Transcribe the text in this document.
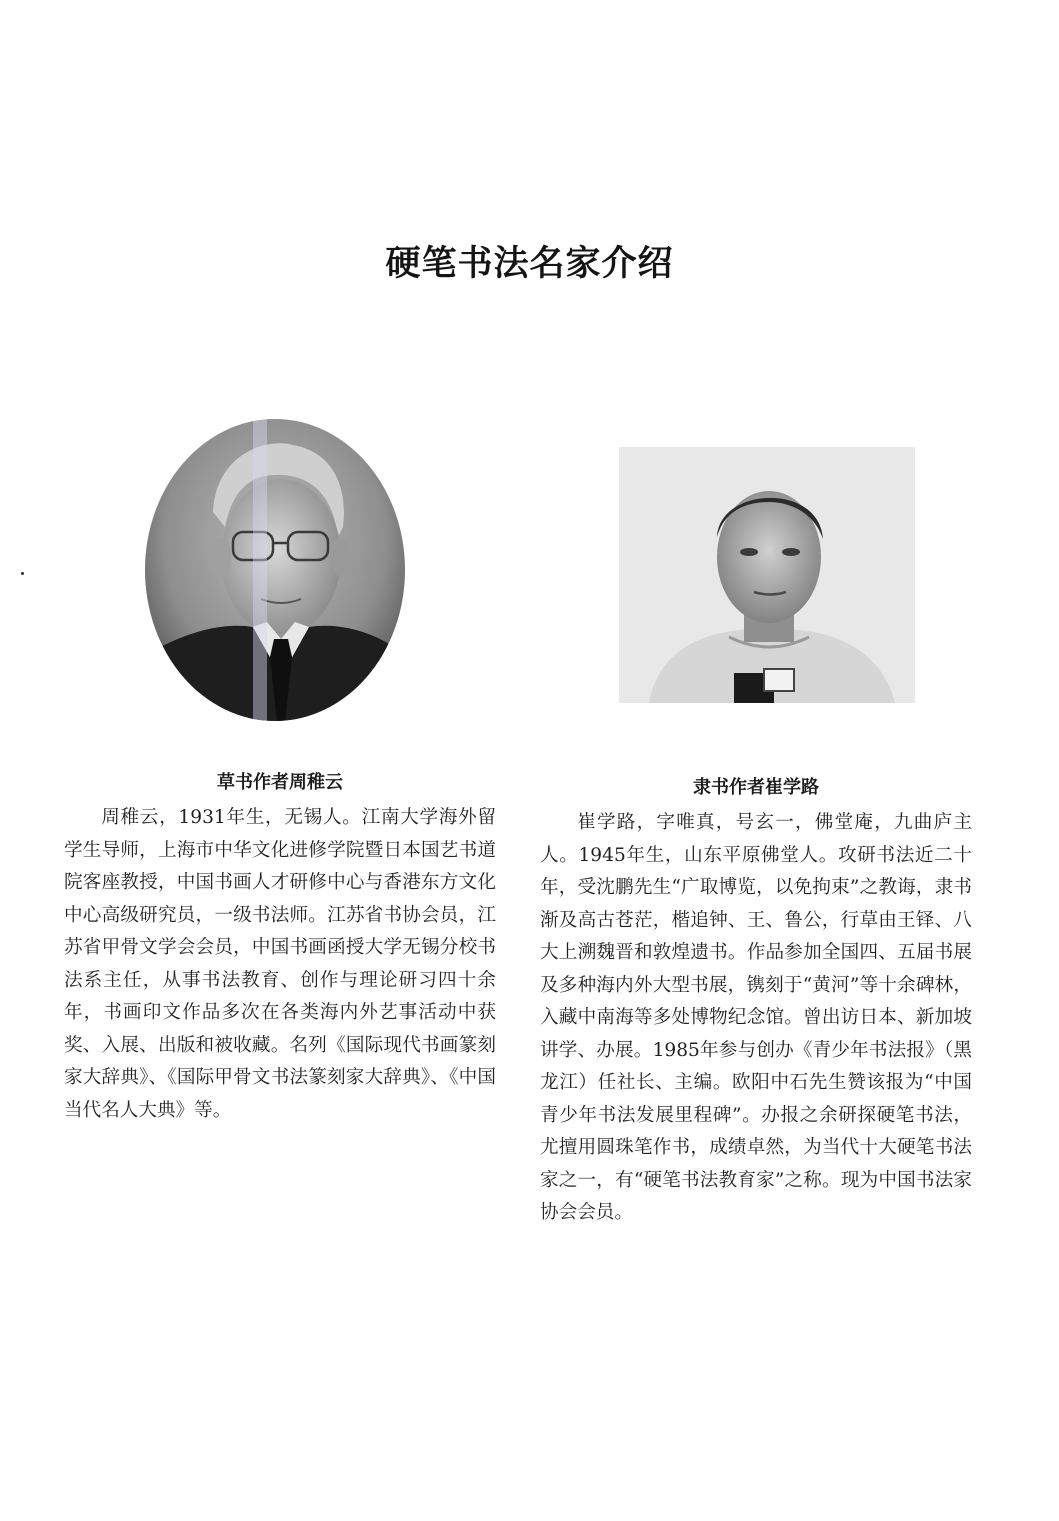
硬笔书法名家介绍
草书作者周稚云

周稚云，1931年生，无锡人。江南大学海外留学生导师，上海市中华文化进修学院暨日本国艺书道院客座教授，中国书画人才研修中心与香港东方文化中心高级研究员，一级书法师。江苏省书协会员，江苏省甲骨文学会会员，中国书画函授大学无锡分校书法系主任，从事书法教育、创作与理论研习四十余年，书画印文作品多次在各类海内外艺事活动中获奖、入展、出版和被收藏。名列《国际现代书画篆刻家大辞典》、《国际甲骨文书法篆刻家大辞典》、《中国当代名人大典》等。

隶书作者崔学路

崔学路，字唯真，号玄一，佛堂庵，九曲庐主人。1945年生，山东平原佛堂人。攻研书法近二十年，受沈鹏先生“广取博览，以免拘束”之教诲，隶书渐及高古苍茫，楷追钟、王、鲁公，行草由王铎、八大上溯魏晋和敦煌遗书。作品参加全国四、五届书展及多种海内外大型书展，镌刻于“黄河”等十余碑林，入藏中南海等多处博物纪念馆。曾出访日本、新加坡讲学、办展。1985年参与创办《青少年书法报》（黑龙江）任社长、主编。欧阳中石先生赞该报为“中国青少年书法发展里程碑”。办报之余研探硬笔书法，尤擅用圆珠笔作书，成绩卓然，为当代十大硬笔书法家之一，有“硬笔书法教育家”之称。现为中国书法家协会会员。
